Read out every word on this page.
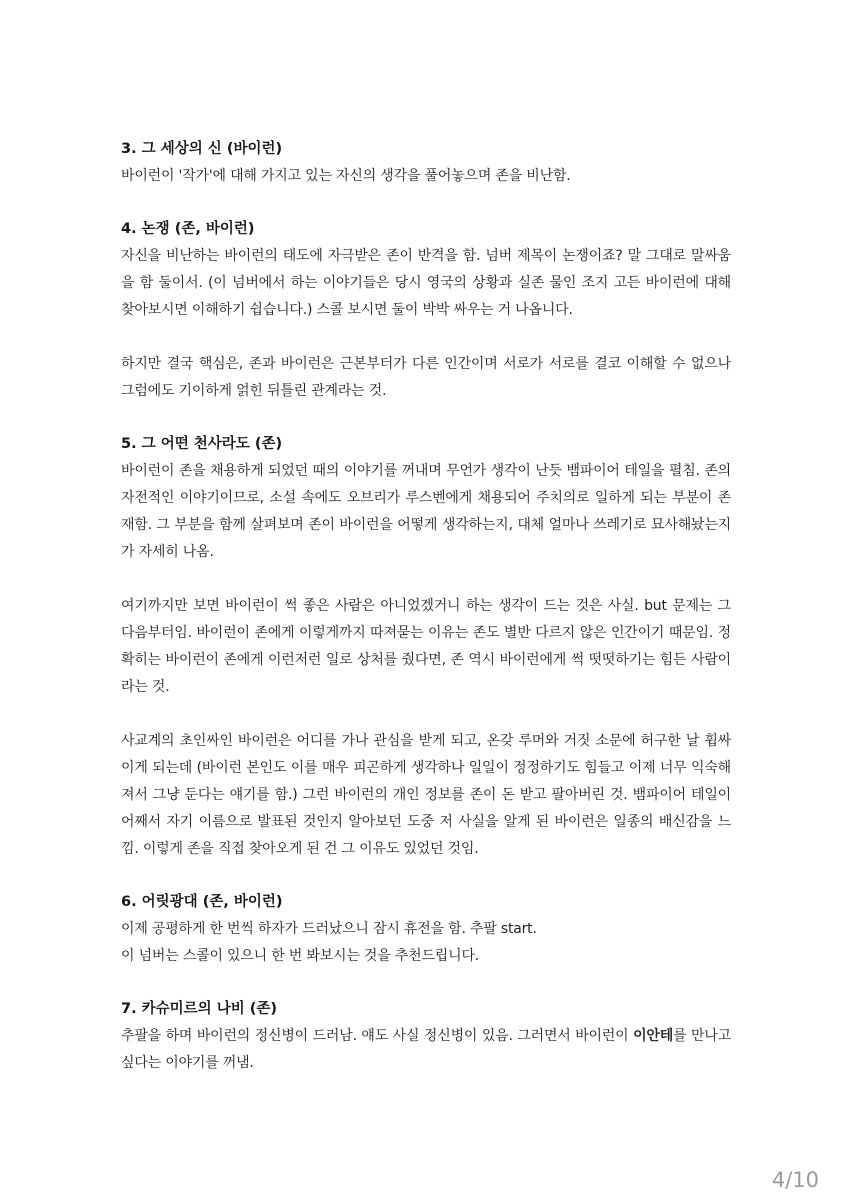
3. 그 세상의 신 (바이런)

바이런이 '작가'에 대해 가지고 있는 자신의 생각을 풀어놓으며 존을 비난함.

4. 논쟁 (존, 바이런)

자신을 비난하는 바이런의 태도에 자극받은 존이 반격을 함. 넘버 제목이 논쟁이죠? 말 그대로 말싸움을 함 둘이서. (이 넘버에서 하는 이야기들은 당시 영국의 상황과 실존 물인 조지 고든 바이런에 대해 찾아보시면 이해하기 쉽습니다.) 스콜 보시면 둘이 박박 싸우는 거 나옵니다.

하지만 결국 핵심은, 존과 바이런은 근본부터가 다른 인간이며 서로가 서로를 결코 이해할 수 없으나 그럼에도 기이하게 얽힌 뒤틀린 관계라는 것.

5. 그 어떤 천사라도 (존)

바이런이 존을 채용하게 되었던 때의 이야기를 꺼내며 무언가 생각이 난듯 뱀파이어 테일을 펼침. 존의 자전적인 이야기이므로, 소설 속에도 오브리가 루스벤에게 채용되어 주치의로 일하게 되는 부분이 존재함. 그 부분을 함께 살펴보며 존이 바이런을 어떻게 생각하는지, 대체 얼마나 쓰레기로 묘사해놨는지가 자세히 나옴.

여기까지만 보면 바이런이 썩 좋은 사람은 아니었겠거니 하는 생각이 드는 것은 사실. but 문제는 그 다음부터임. 바이런이 존에게 이렇게까지 따져묻는 이유는 존도 별반 다르지 않은 인간이기 때문임. 정확히는 바이런이 존에게 이런저런 일로 상처를 줬다면, 존 역시 바이런에게 썩 떳떳하기는 힘든 사람이라는 것.

사교계의 초인싸인 바이런은 어디를 가나 관심을 받게 되고, 온갖 루머와 거짓 소문에 허구한 날 휩싸이게 되는데 (바이런 본인도 이를 매우 피곤하게 생각하나 일일이 정정하기도 힘들고 이제 너무 익숙해져서 그냥 둔다는 얘기를 함.) 그런 바이런의 개인 정보를 존이 돈 받고 팔아버린 것. 뱀파이어 테일이 어째서 자기 이름으로 발표된 것인지 알아보던 도중 저 사실을 알게 된 바이런은 일종의 배신감을 느낌. 이렇게 존을 직접 찾아오게 된 건 그 이유도 있었던 것임.

6. 어릿광대 (존, 바이런)

이제 공평하게 한 번씩 하자가 드러났으니 잠시 휴전을 함. 추팔 start.
이 넘버는 스콜이 있으니 한 번 봐보시는 것을 추천드립니다.

7. 카슈미르의 나비 (존)

추팔을 하며 바이런의 정신병이 드러남. 얘도 사실 정신병이 있음. 그러면서 바이런이 이안테를 만나고 싶다는 이야기를 꺼냄.

4/10
